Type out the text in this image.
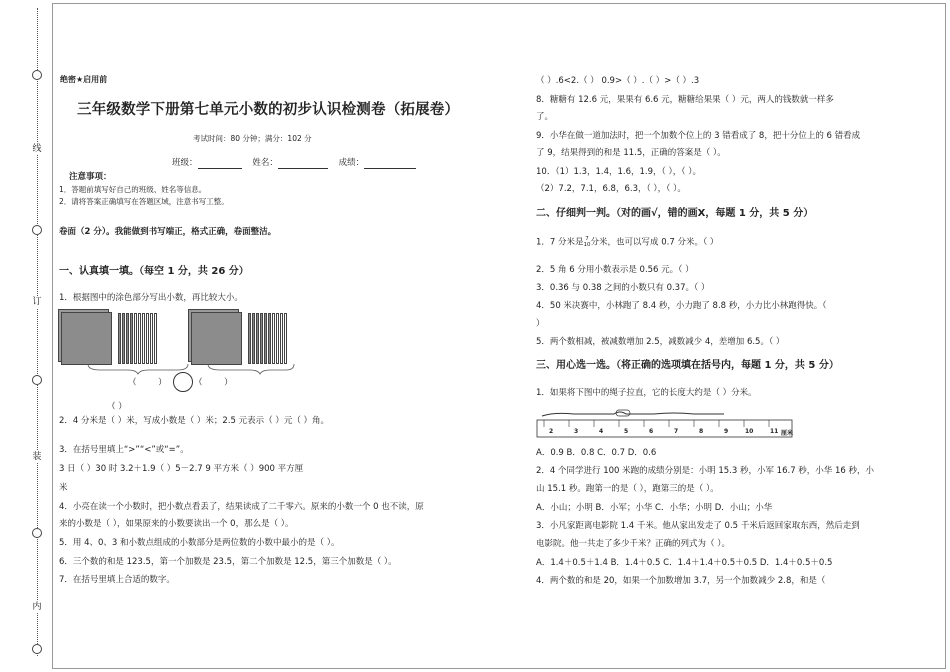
线
订
装
内
绝密★启用前
三年级数学下册第七单元小数的初步认识检测卷（拓展卷）
考试时间：80 分钟；满分：102 分
班级：	姓名：	成绩：
注意事项：
1．答题前填写好自己的班级、姓名等信息。
2．请将答案正确填写在答题区域，注意书写工整。
卷面（2 分）。我能做到书写端正，格式正确，卷面整洁。
一、认真填一填。（每空 1 分，共 26 分）
1．根据图中的涂色部分写出小数，再比较大小。
（        ）	（        ）
（ ）
2．4 分米是（ ）米，写成小数是（ ）米；2.5 元表示（ ）元（ ）角。
3．在括号里填上“>”“<”或“=”。
3 日（ ）30 时 3.2＋1.9（ ）5－2.7 9 平方米（ ）900 平方厘
米
4．小亮在读一个小数时，把小数点看丢了，结果读成了二千零六。原来的小数一个 0 也不读，原
来的小数是（ ），如果原来的小数要读出一个 0，那么是（ ）。
5．用 4、0、3 和小数点组成的小数部分是两位数的小数中最小的是（ ）。
6．三个数的和是 123.5，第一个加数是 23.5，第二个加数是 12.5，第三个加数是（ ）。
7．在括号里填上合适的数字。
（ ）.6<2.（ ） 0.9>（ ）.（ ）>（ ）.3
8．糖糖有 12.6 元，果果有 6.6 元，糖糖给果果（ ）元，两人的钱数就一样多
了。
9．小华在做一道加法时，把一个加数个位上的 3 错看成了 8，把十分位上的 6 错看成
了 9，结果得到的和是 11.5，正确的答案是（ ）。
10．（1）1.3，1.4，1.6，1.9，（ ），（ ）。
（2）7.2，7.1，6.8，6.3，（ ），（ ）。
二、仔细判一判。（对的画√，错的画Ⅹ，每题 1 分，共 5 分）
1．7 分米是 7
10 分米，也可以写成 0.7 分米。（ ）
2．5 角 6 分用小数表示是 0.56 元。（ ）
3．0.36 与 0.38 之间的小数只有 0.37。（ ）
4．50 米决赛中，小林跑了 8.4 秒，小力跑了 8.8 秒，小力比小林跑得快。（
）
5．两个数相减，被减数增加 2.5，减数减少 4，差增加 6.5。（ ）
三、用心选一选。（将正确的选项填在括号内，每题 1 分，共 5 分）
1．如果将下图中的绳子拉直，它的长度大约是（ ）分米。
2	3	4	5	6	7	8	9	10	11 厘米
A．0.9 B．0.8 C．0.7 D．0.6
2．4 个同学进行 100 米跑的成绩分别是：小明 15.3 秒，小军 16.7 秒，小华 16 秒，小
山 15.1 秒。跑第一的是（ ），跑第三的是（ ）。
A．小山；小明 B．小军；小华 C．小华；小明 D．小山；小华
3．小凡家距离电影院 1.4 千米。他从家出发走了 0.5 千米后返回家取东西，然后走到
电影院。他一共走了多少千米？正确的列式为（ ）。
A．1.4＋0.5＋1.4 B．1.4＋0.5 C．1.4＋1.4＋0.5＋0.5 D．1.4＋0.5＋0.5
4．两个数的和是 20，如果一个加数增加 3.7，另一个加数减少 2.8，和是（
